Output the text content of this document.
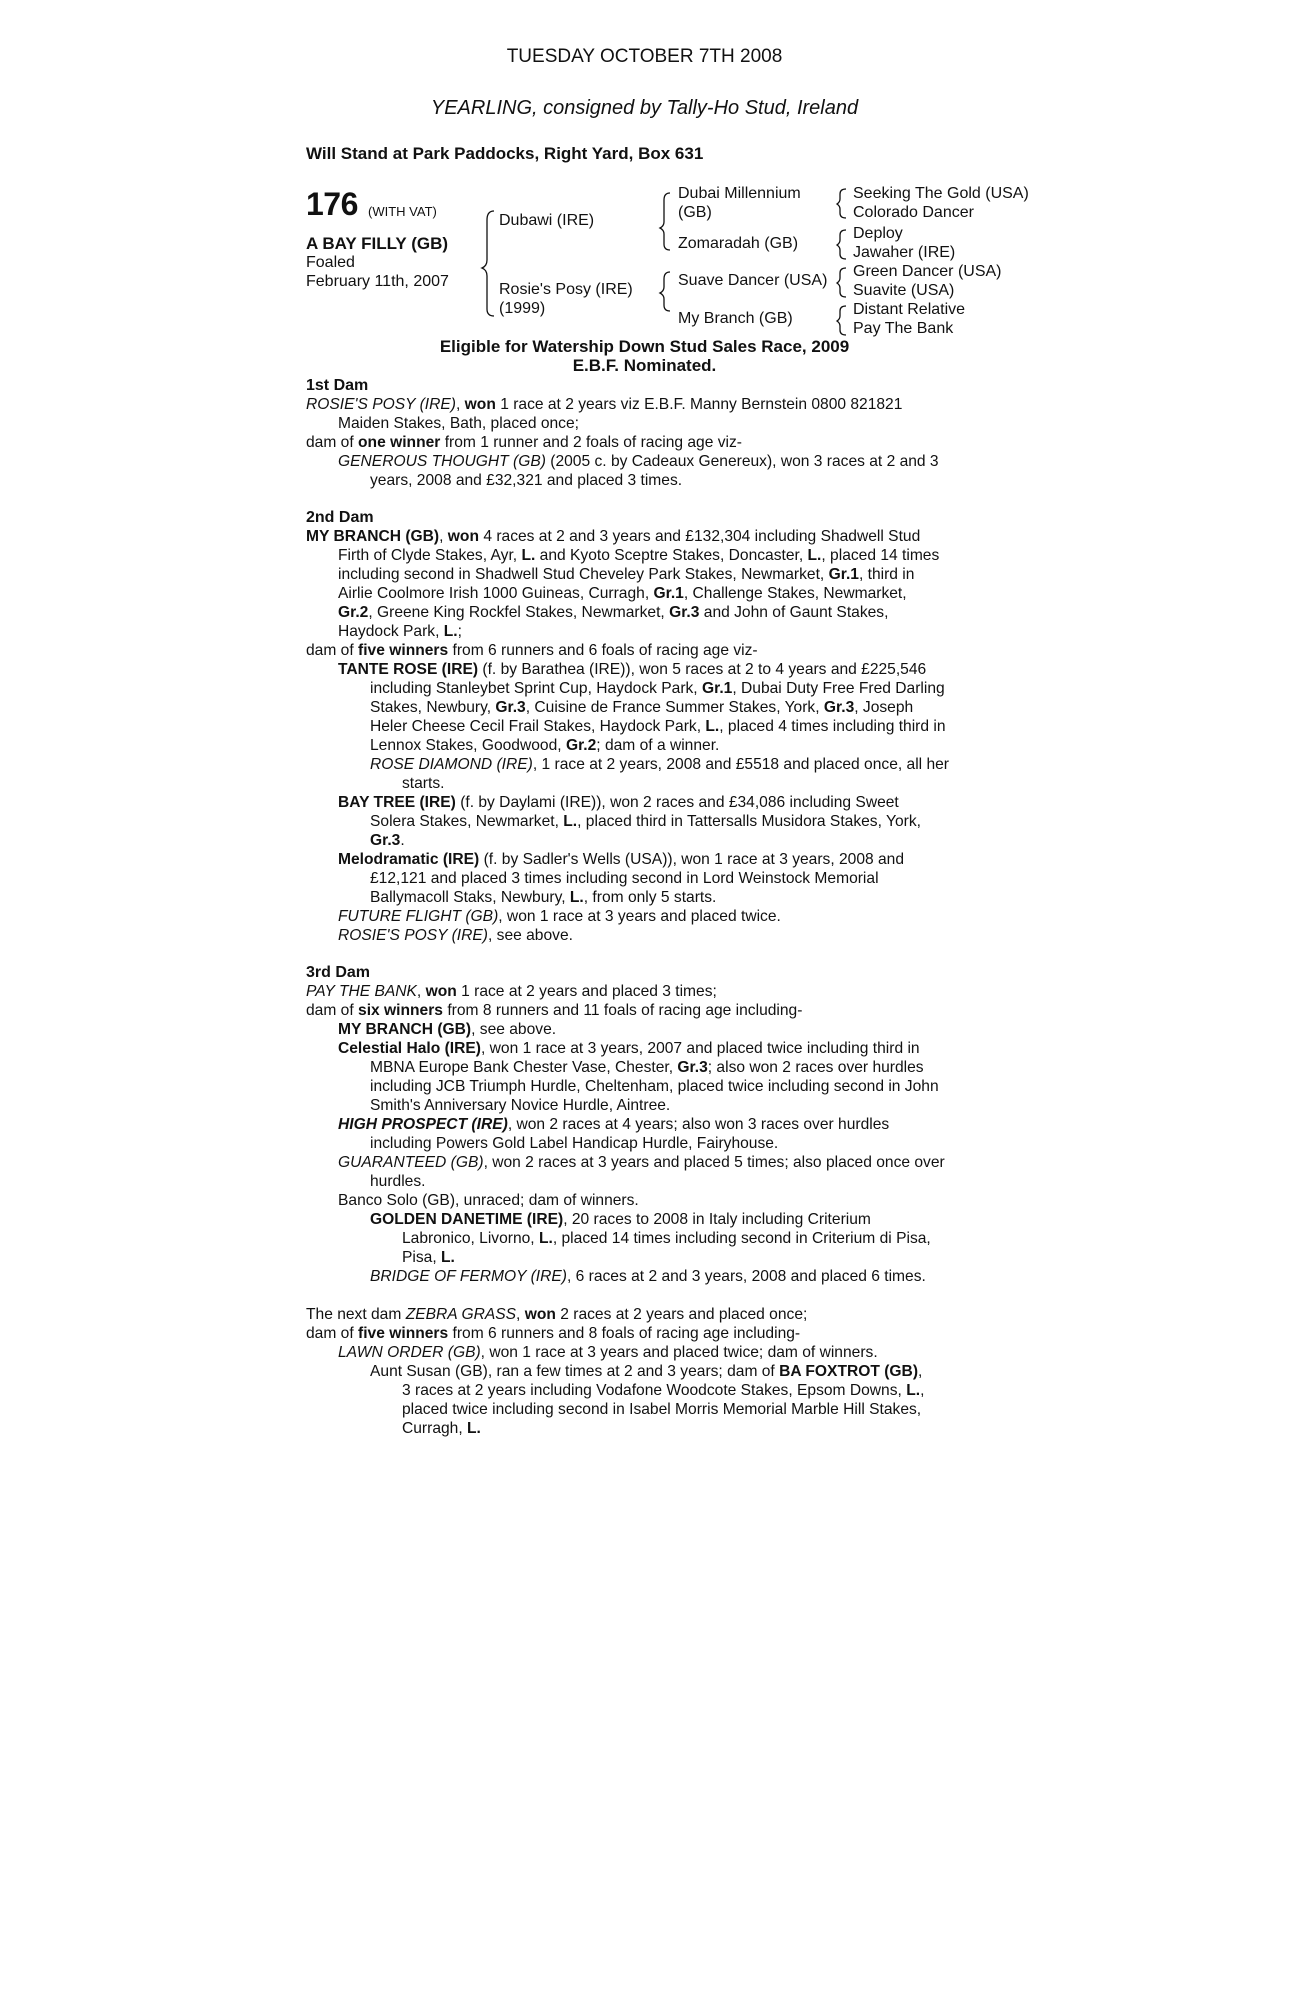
TUESDAY OCTOBER 7TH 2008
YEARLING, consigned by Tally-Ho Stud, Ireland
Will Stand at Park Paddocks, Right Yard, Box 631
176 (WITH VAT)
A BAY FILLY (GB)
Foaled
February 11th, 2007
Dubawi (IRE)
Rosie's Posy (IRE)
(1999)
Dubai Millennium
(GB)
Zomaradah (GB)
Suave Dancer (USA)
My Branch (GB)
Seeking The Gold (USA)
Colorado Dancer
Deploy
Jawaher (IRE)
Green Dancer (USA)
Suavite (USA)
Distant Relative
Pay The Bank
Eligible for Watership Down Stud Sales Race, 2009
E.B.F. Nominated.
1st Dam
ROSIE'S POSY (IRE), won 1 race at 2 years viz E.B.F. Manny Bernstein 0800 821821
Maiden Stakes, Bath, placed once;
dam of one winner from 1 runner and 2 foals of racing age viz-
GENEROUS THOUGHT (GB) (2005 c. by Cadeaux Genereux), won 3 races at 2 and 3
years, 2008 and £32,321 and placed 3 times.
2nd Dam
MY BRANCH (GB), won 4 races at 2 and 3 years and £132,304 including Shadwell Stud
Firth of Clyde Stakes, Ayr, L. and Kyoto Sceptre Stakes, Doncaster, L., placed 14 times
including second in Shadwell Stud Cheveley Park Stakes, Newmarket, Gr.1, third in
Airlie Coolmore Irish 1000 Guineas, Curragh, Gr.1, Challenge Stakes, Newmarket,
Gr.2, Greene King Rockfel Stakes, Newmarket, Gr.3 and John of Gaunt Stakes,
Haydock Park, L.;
dam of five winners from 6 runners and 6 foals of racing age viz-
TANTE ROSE (IRE) (f. by Barathea (IRE)), won 5 races at 2 to 4 years and £225,546
including Stanleybet Sprint Cup, Haydock Park, Gr.1, Dubai Duty Free Fred Darling
Stakes, Newbury, Gr.3, Cuisine de France Summer Stakes, York, Gr.3, Joseph
Heler Cheese Cecil Frail Stakes, Haydock Park, L., placed 4 times including third in
Lennox Stakes, Goodwood, Gr.2; dam of a winner.
ROSE DIAMOND (IRE), 1 race at 2 years, 2008 and £5518 and placed once, all her
starts.
BAY TREE (IRE) (f. by Daylami (IRE)), won 2 races and £34,086 including Sweet
Solera Stakes, Newmarket, L., placed third in Tattersalls Musidora Stakes, York,
Gr.3.
Melodramatic (IRE) (f. by Sadler's Wells (USA)), won 1 race at 3 years, 2008 and
£12,121 and placed 3 times including second in Lord Weinstock Memorial
Ballymacoll Staks, Newbury, L., from only 5 starts.
FUTURE FLIGHT (GB), won 1 race at 3 years and placed twice.
ROSIE'S POSY (IRE), see above.
3rd Dam
PAY THE BANK, won 1 race at 2 years and placed 3 times;
dam of six winners from 8 runners and 11 foals of racing age including-
MY BRANCH (GB), see above.
Celestial Halo (IRE), won 1 race at 3 years, 2007 and placed twice including third in
MBNA Europe Bank Chester Vase, Chester, Gr.3; also won 2 races over hurdles
including JCB Triumph Hurdle, Cheltenham, placed twice including second in John
Smith's Anniversary Novice Hurdle, Aintree.
HIGH PROSPECT (IRE), won 2 races at 4 years; also won 3 races over hurdles
including Powers Gold Label Handicap Hurdle, Fairyhouse.
GUARANTEED (GB), won 2 races at 3 years and placed 5 times; also placed once over
hurdles.
Banco Solo (GB), unraced; dam of winners.
GOLDEN DANETIME (IRE), 20 races to 2008 in Italy including Criterium
Labronico, Livorno, L., placed 14 times including second in Criterium di Pisa,
Pisa, L.
BRIDGE OF FERMOY (IRE), 6 races at 2 and 3 years, 2008 and placed 6 times.
The next dam ZEBRA GRASS, won 2 races at 2 years and placed once;
dam of five winners from 6 runners and 8 foals of racing age including-
LAWN ORDER (GB), won 1 race at 3 years and placed twice; dam of winners.
Aunt Susan (GB), ran a few times at 2 and 3 years; dam of BA FOXTROT (GB),
3 races at 2 years including Vodafone Woodcote Stakes, Epsom Downs, L.,
placed twice including second in Isabel Morris Memorial Marble Hill Stakes,
Curragh, L.
